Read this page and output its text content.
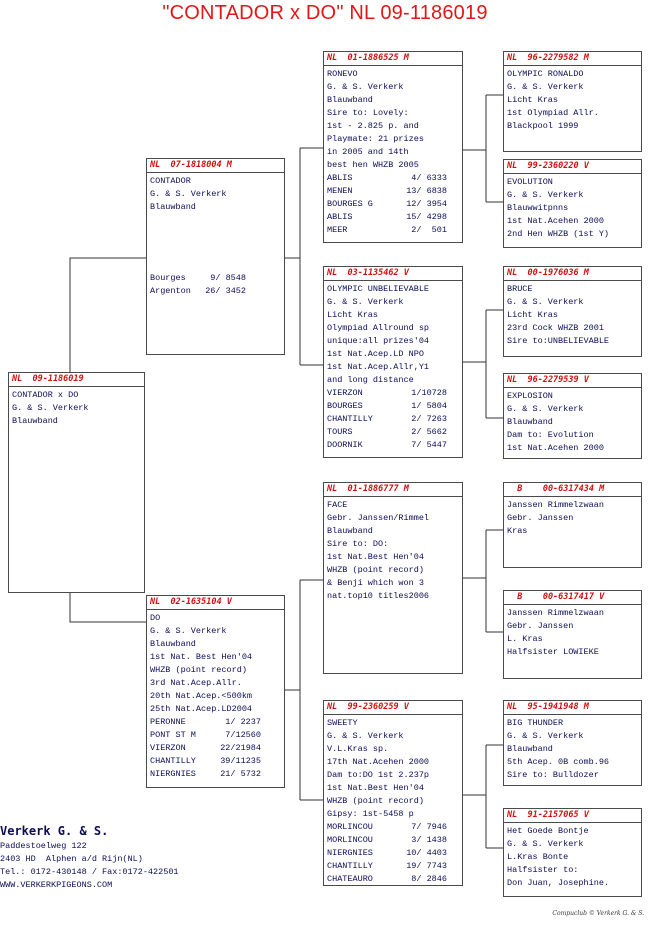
"CONTADOR x DO" NL 09-1186019
NL  09-1186019
CONTADOR x DO
G. & S. Verkerk
Blauwband
NL  07-1818004 M
CONTADOR
G. & S. Verkerk
Blauwband
Bourges	9/ 8548
Argenton	26/ 3452
NL  02-1635104 V
DO
G. & S. Verkerk
Blauwband
1st Nat. Best Hen'04
WHZB (point record)
3rd Nat.Acep.Allr.
20th Nat.Acep.<500km
25th Nat.Acep.LD2004
PERONNE	1/ 2237
PONT ST M	7/12560
VIERZON	22/21984
CHANTILLY	39/11235
NIERGNIES	21/ 5732
NL  01-1886525 M
RONEVO
G. & S. Verkerk
Blauwband
Sire to: Lovely:
1st - 2.825 p. and
Playmate: 21 prizes
in 2005 and 14th
best hen WHZB 2005
ABLIS	4/ 6333
MENEN	13/ 6838
BOURGES G	12/ 3954
ABLIS	15/ 4298
MEER	2/  501
NL  03-1135462 V
OLYMPIC UNBELIEVABLE
G. & S. Verkerk
Licht Kras
Olympiad Allround sp
unique:all prizes'04
1st Nat.Acep.LD NPO
1st Nat.Acep.Allr,Y1
and long distance
VIERZON	1/10728
BOURGES	1/ 5804
CHANTILLY	2/ 7263
TOURS	2/ 5662
DOORNIK	7/ 5447
NL  01-1886777 M
FACE
Gebr. Janssen/Rimmel
Blauwband
Sire to: DO:
1st Nat.Best Hen'04
WHZB (point record)
& Benji which won 3
nat.top10 titles2006
NL  99-2360259 V
SWEETY
G. & S. Verkerk
V.L.Kras sp.
17th Nat.Acehen 2000
Dam to:DO 1st 2.237p
1st Nat.Best Hen'04
WHZB (point record)
Gipsy: 1st-5458 p
MORLINCOU	7/ 7946
MORLINCOU	3/ 1438
NIERGNIES	10/ 4403
CHANTILLY	19/ 7743
CHATEAURO	8/ 2846
NL  96-2279582 M
OLYMPIC RONALDO
G. & S. Verkerk
Licht Kras
1st Olympiad Allr.
Blackpool 1999
NL  99-2360220 V
EVOLUTION
G. & S. Verkerk
Blauwwitpnns
1st Nat.Acehen 2000
2nd Hen WHZB (1st Y)
NL  00-1976036 M
BRUCE
G. & S. Verkerk
Licht Kras
23rd Cock WHZB 2001
Sire to:UNBELIEVABLE
NL  96-2279539 V
EXPLOSION
G. & S. Verkerk
Blauwband
Dam to: Evolution
1st Nat.Acehen 2000
B    00-6317434 M
Janssen Rimmelzwaan
Gebr. Janssen
Kras
B    00-6317417 V
Janssen Rimmelzwaan
Gebr. Janssen
L. Kras
Halfsister LOWIEKE
NL  95-1941948 M
BIG THUNDER
G. & S. Verkerk
Blauwband
5th Acep. 0B comb.96
Sire to: Bulldozer
NL  91-2157065 V
Het Goede Bontje
G. & S. Verkerk
L.Kras Bonte
Halfsister to:
Don Juan, Josephine.
Verkerk G. & S.
Paddestoelweg 122
2403 HD  Alphen a/d Rijn(NL)
Tel.: 0172-430148 / Fax:0172-422501
WWW.VERKERKPIGEONS.COM
Compuclub © Verkerk G. & S.
